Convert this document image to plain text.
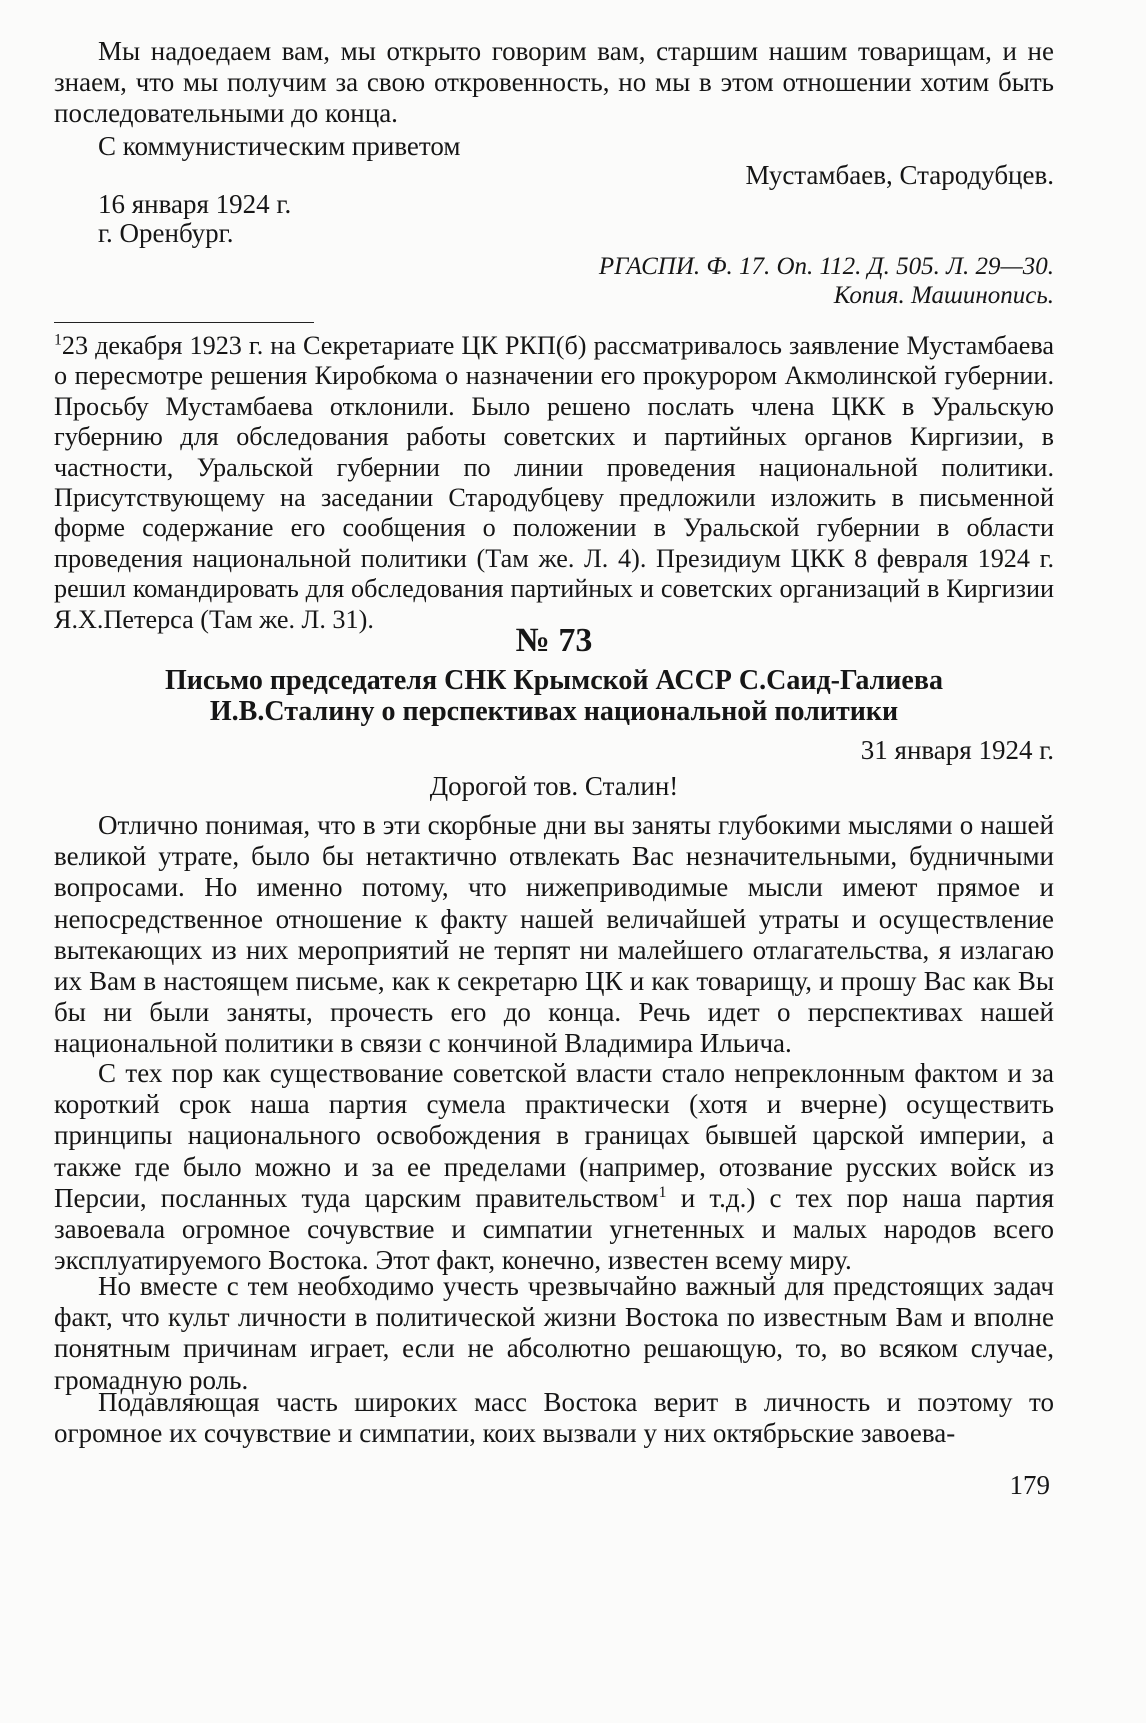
Мы надоедаем вам, мы открыто говорим вам, старшим нашим товарищам, и не знаем, что мы получим за свою откровенность, но мы в этом отношении хотим быть последовательными до конца.

С коммунистическим приветом

Мустамбаев, Стародубцев.

16 января 1924 г.

г. Оренбург.

РГАСПИ. Ф. 17. Оп. 112. Д. 505. Л. 29—30.

Копия. Машинопись.

$^1$23 декабря 1923 г. на Секретариате ЦК РКП(б) рассматривалось заявление Мустамбаева о пересмотре решения Киробкома о назначении его прокурором Акмолинской губернии. Просьбу Мустамбаева отклонили. Было решено послать члена ЦКК в Уральскую губернию для обследования работы советских и партийных органов Киргизии, в частности, Уральской губернии по линии проведения национальной политики. Присутствующему на заседании Стародубцеву предложили изложить в письменной форме содержание его сообщения о положении в Уральской губернии в области проведения национальной политики (Там же. Л. 4). Президиум ЦКК 8 февраля 1924 г. решил командировать для обследования партийных и советских организаций в Киргизии Я.Х.Петерса (Там же. Л. 31).

№ 73

Письмо председателя СНК Крымской АССР С.Саид-Галиева

И.В.Сталину о перспективах национальной политики

31 января 1924 г.

Дорогой тов. Сталин!

Отлично понимая, что в эти скорбные дни вы заняты глубокими мыслями о нашей великой утрате, было бы нетактично отвлекать Вас незначительными, будничными вопросами. Но именно потому, что нижеприводимые мысли имеют прямое и непосредственное отношение к факту нашей величайшей утраты и осуществление вытекающих из них мероприятий не терпят ни малейшего отлагательства, я излагаю их Вам в настоящем письме, как к секретарю ЦК и как товарищу, и прошу Вас как Вы бы ни были заняты, прочесть его до конца. Речь идет о перспективах нашей национальной политики в связи с кончиной Владимира Ильича.

С тех пор как существование советской власти стало непреклонным фактом и за короткий срок наша партия сумела практически (хотя и вчерне) осуществить принципы национального освобождения в границах бывшей царской империи, а также где было можно и за ее пределами (например, отозвание русских войск из Персии, посланных туда царским правительством$^1$ и т.д.) с тех пор наша партия завоевала огромное сочувствие и симпатии угнетенных и малых народов всего эксплуатируемого Востока. Этот факт, конечно, известен всему миру.

Но вместе с тем необходимо учесть чрезвычайно важный для предстоящих задач факт, что культ личности в политической жизни Востока по известным Вам и вполне понятным причинам играет, если не абсолютно решающую, то, во всяком случае, громадную роль.

Подавляющая часть широких масс Востока верит в личность и поэтому то огромное их сочувствие и симпатии, коих вызвали у них октябрьские завоева-

179
